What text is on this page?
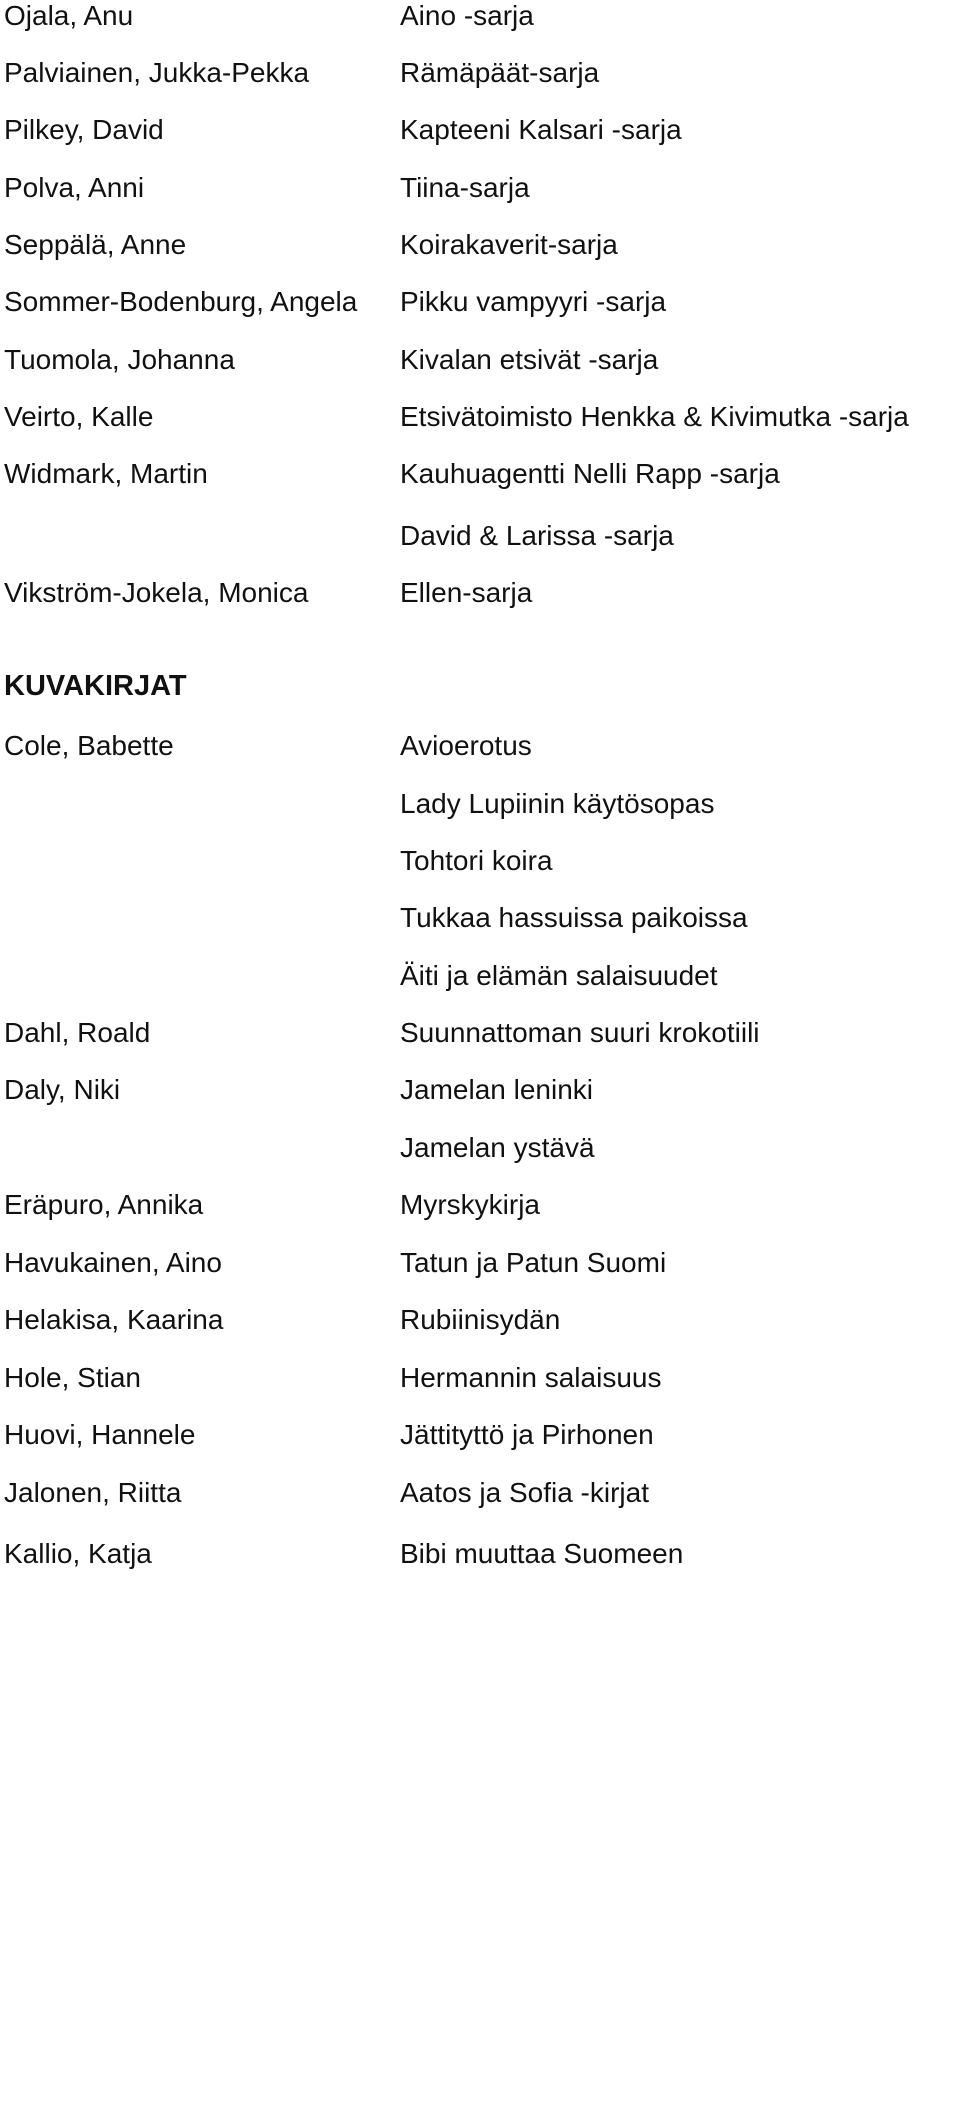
Ojala, Anu	Aino -sarja
Palviainen, Jukka-Pekka	Rämäpäät-sarja
Pilkey, David	Kapteeni Kalsari -sarja
Polva, Anni	Tiina-sarja
Seppälä, Anne	Koirakaverit-sarja
Sommer-Bodenburg, Angela Pikku vampyyri -sarja
Tuomola, Johanna	Kivalan etsivät -sarja
Veirto, Kalle	Etsivätoimisto Henkka & Kivimutka -sarja
Widmark, Martin	Kauhuagentti Nelli Rapp -sarja
David & Larissa -sarja
Vikström-Jokela, Monica	Ellen-sarja
KUVAKIRJAT
Cole, Babette	Avioerotus
Lady Lupiinin käytösopas
Tohtori koira
Tukkaa hassuissa paikoissa
Äiti ja elämän salaisuudet
Dahl, Roald	Suunnattoman suuri krokotiili
Daly, Niki	Jamelan leninki
Jamelan ystävä
Eräpuro, Annika	Myrskykirja
Havukainen, Aino	Tatun ja Patun Suomi
Helakisa, Kaarina	Rubiinisydän
Hole, Stian	Hermannin salaisuus
Huovi, Hannele	Jättityttö ja Pirhonen
Jalonen, Riitta	Aatos ja Sofia -kirjat
Kallio, Katja	Bibi muuttaa Suomeen
